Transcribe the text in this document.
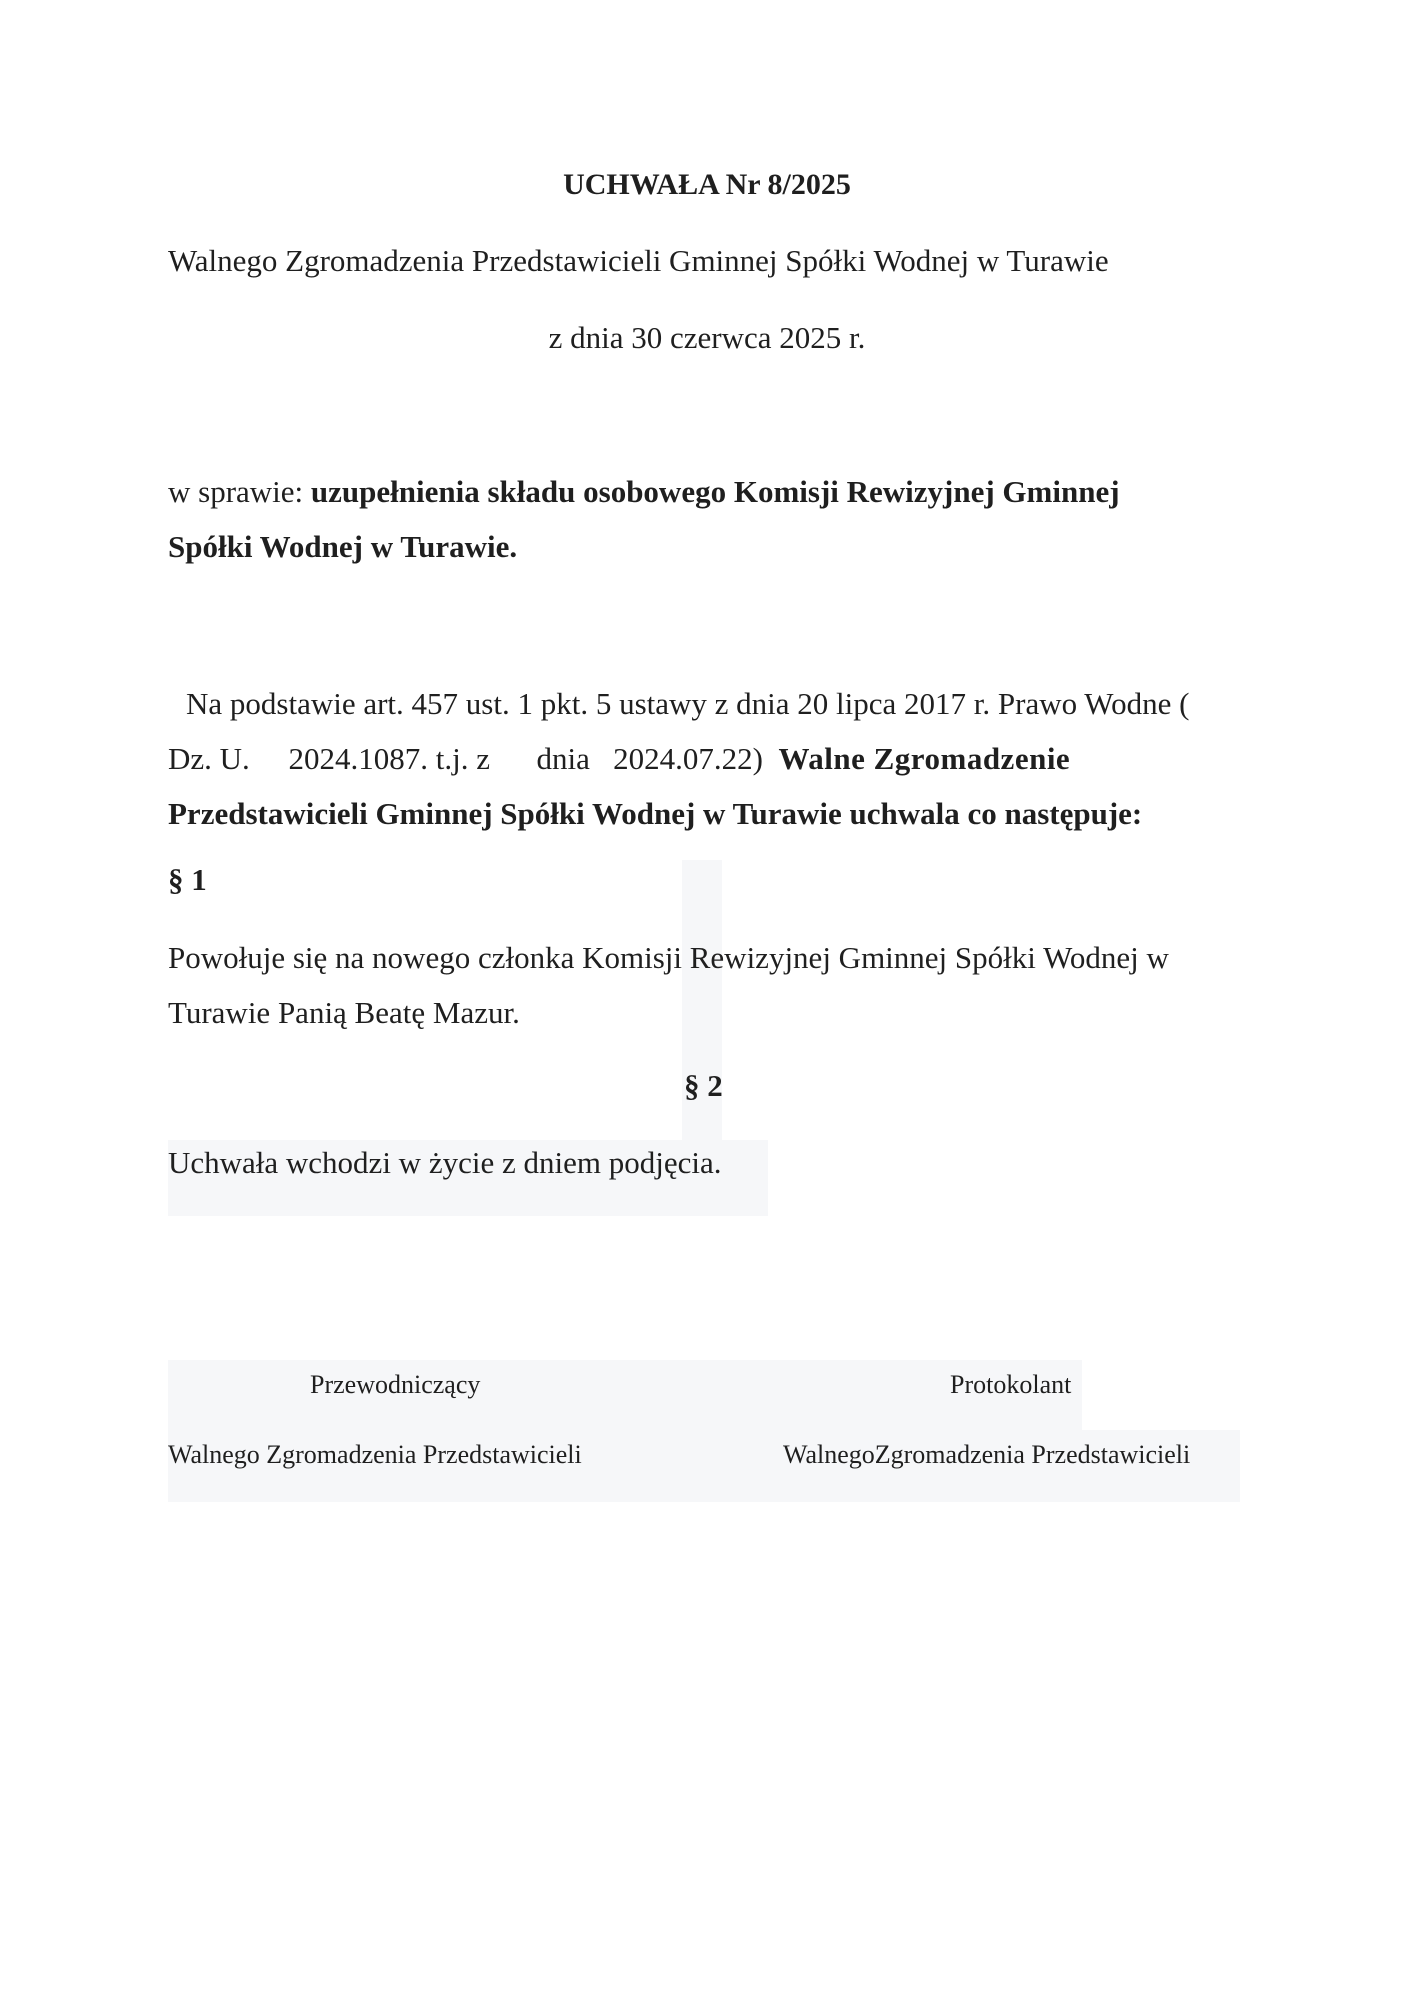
UCHWAŁA Nr 8/2025
Walnego Zgromadzenia Przedstawicieli Gminnej Spółki Wodnej w Turawie
z dnia 30 czerwca 2025 r.
w sprawie: uzupełnienia składu osobowego Komisji Rewizyjnej Gminnej
Spółki Wodnej w Turawie.
Na podstawie art. 457 ust. 1 pkt. 5 ustawy z dnia 20 lipca 2017 r. Prawo Wodne (
Dz. U.     2024.1087. t.j. z      dnia   2024.07.22)  Walne Zgromadzenie
Przedstawicieli Gminnej Spółki Wodnej w Turawie uchwala co następuje:
§ 1
Powołuje się na nowego członka Komisji Rewizyjnej Gminnej Spółki Wodnej w Turawie Panią Beatę Mazur.
§ 2
Uchwała wchodzi w życie z dniem podjęcia.
Przewodniczący
Walnego Zgromadzenia Przedstawicieli
Protokolant
WalnegoZgromadzenia Przedstawicieli
